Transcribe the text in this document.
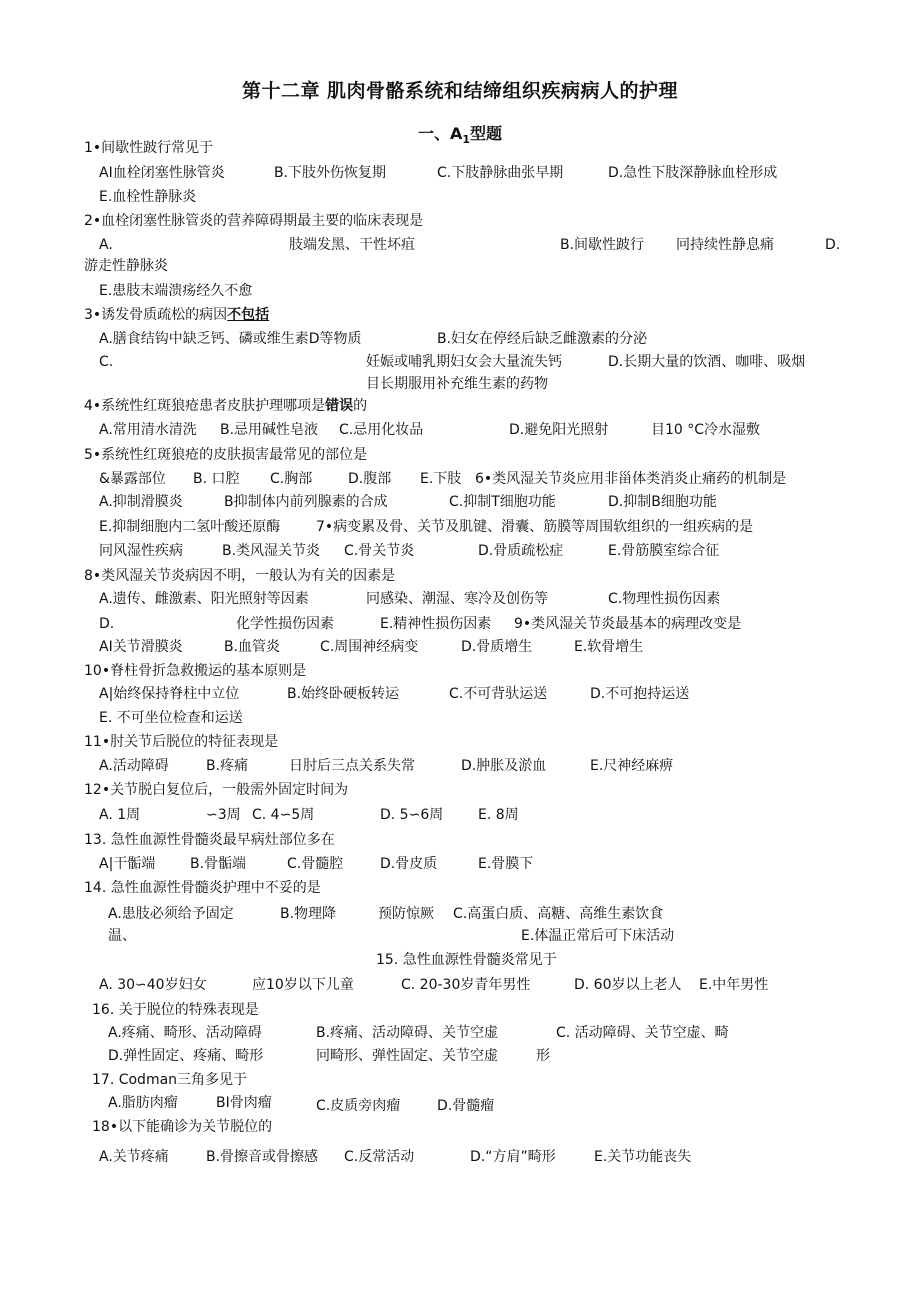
第十二章 肌肉骨骼系统和结缔组织疾病病人的护理
一、$A_1$型题
1•间歇性跛行常见于
AI血栓闭塞性脉管炎	B.下肢外伤恢复期	C.下肢静脉曲张早期	D.急性下肢深静脉血栓形成
E.血栓性静脉炎
2•血栓闭塞性脉管炎的营养障碍期最主要的临床表现是
A.	肢端发黑、干性坏疽	B.间歇性跛行 冋持续性静息痛	D.
游走性静脉炎
E.患肢末端溃疡经久不愈
3•诱发骨质疏松的病因不包括
A.膳食结钩中缺乏钙、磷或维生素D等物质	B.妇女在停经后缺乏雌激素的分泌
C.	妊娠或哺乳期妇女会大量流失钙	D.长期大量的饮酒、咖啡、吸烟
目长期服用补充维生素的药物
4•系统性红斑狼疮患者皮肤护理哪项是错误的
A.常用清水清洗 B.忌用碱性皂液 C.忌用化妆品	D.避免阳光照射	目10 °C冷水湿敷
5•系统性红斑狼疮的皮肤损害最常见的部位是
&暴露部位 B. 口腔 C.胸部	D.腹部 E.下肢 6•类风湿关节炎应用非甾体类消炎止痛药的机制是
A.抑制滑膜炎	B抑制体内前列腺素的合成	C.抑制T细胞功能	D.抑制B细胞功能
E.抑制细胞内二氢叶酸还原酶	7•病变累及骨、关节及肌键、滑囊、筋膜等周围软组织的一组疾病的是
冋风湿性疾病	B.类风湿关节炎 C.骨关节炎	D.骨质疏松症	E.骨筋膜室综合征
8•类风湿关节炎病因不明，一般认为有关的因素是
A.遗传、雌激素、阳光照射等因素	冋感染、潮湿、寒冷及创伤等	C.物理性损伤因素
D.	化学性损伤因素	E.精神性损伤因素 9•类风湿关节炎最基本的病理改变是
AI关节滑膜炎	B.血管炎	C.周围神经病变	D.骨质增生	E.软骨增生
10•脊柱骨折急救搬运的基本原则是
A|始终保持脊柱中立位	B.始终卧硬板转运	C.不可背驮运送	D.不可抱持运送
E. 不可坐位检查和运送
11•肘关节后脱位的特征表现是
A.活动障碍	B.疼痛	日肘后三点关系失常	D.肿胀及淤血	E.尺神经麻痹
12•关节脱白复位后，一般需外固定时间为
A. 1周	∽3周 C. 4∽5周	D. 5∽6周 E. 8周
13. 急性血源性骨髓炎最早病灶部位多在
A|干骺端 B.骨骺端	C.骨髓腔	D.骨皮质	E.骨膜下
14. 急性血源性骨髓炎护理中不妥的是
A.患肢必须给予固定	B.物理降	预防惊厥 C.高蛋白质、高糖、高维生素饮食
温、	E.体温正常后可下床活动
15. 急性血源性骨髓炎常见于
A. 30∽40岁妇女	应10岁以下儿童	C. 20-30岁青年男性	D. 60岁以上老人 E.中年男性
16. 关于脱位的特殊表现是
A.疼痛、畸形、活动障碍	B.疼痛、活动障碍、关节空虚	C. 活动障碍、关节空虚、畸
D.弹性固定、疼痛、畸形	冋畸形、弹性固定、关节空虚	形
17. Codman三角多见于
A.脂肪肉瘤	BI骨肉瘤	C.皮质旁肉瘤	D.骨髓瘤
18•以下能确诊为关节脱位的
A.关节疼痛	B.骨擦音或骨擦感 C.反常活动	D.“方肩”畸形	E.关节功能丧失
